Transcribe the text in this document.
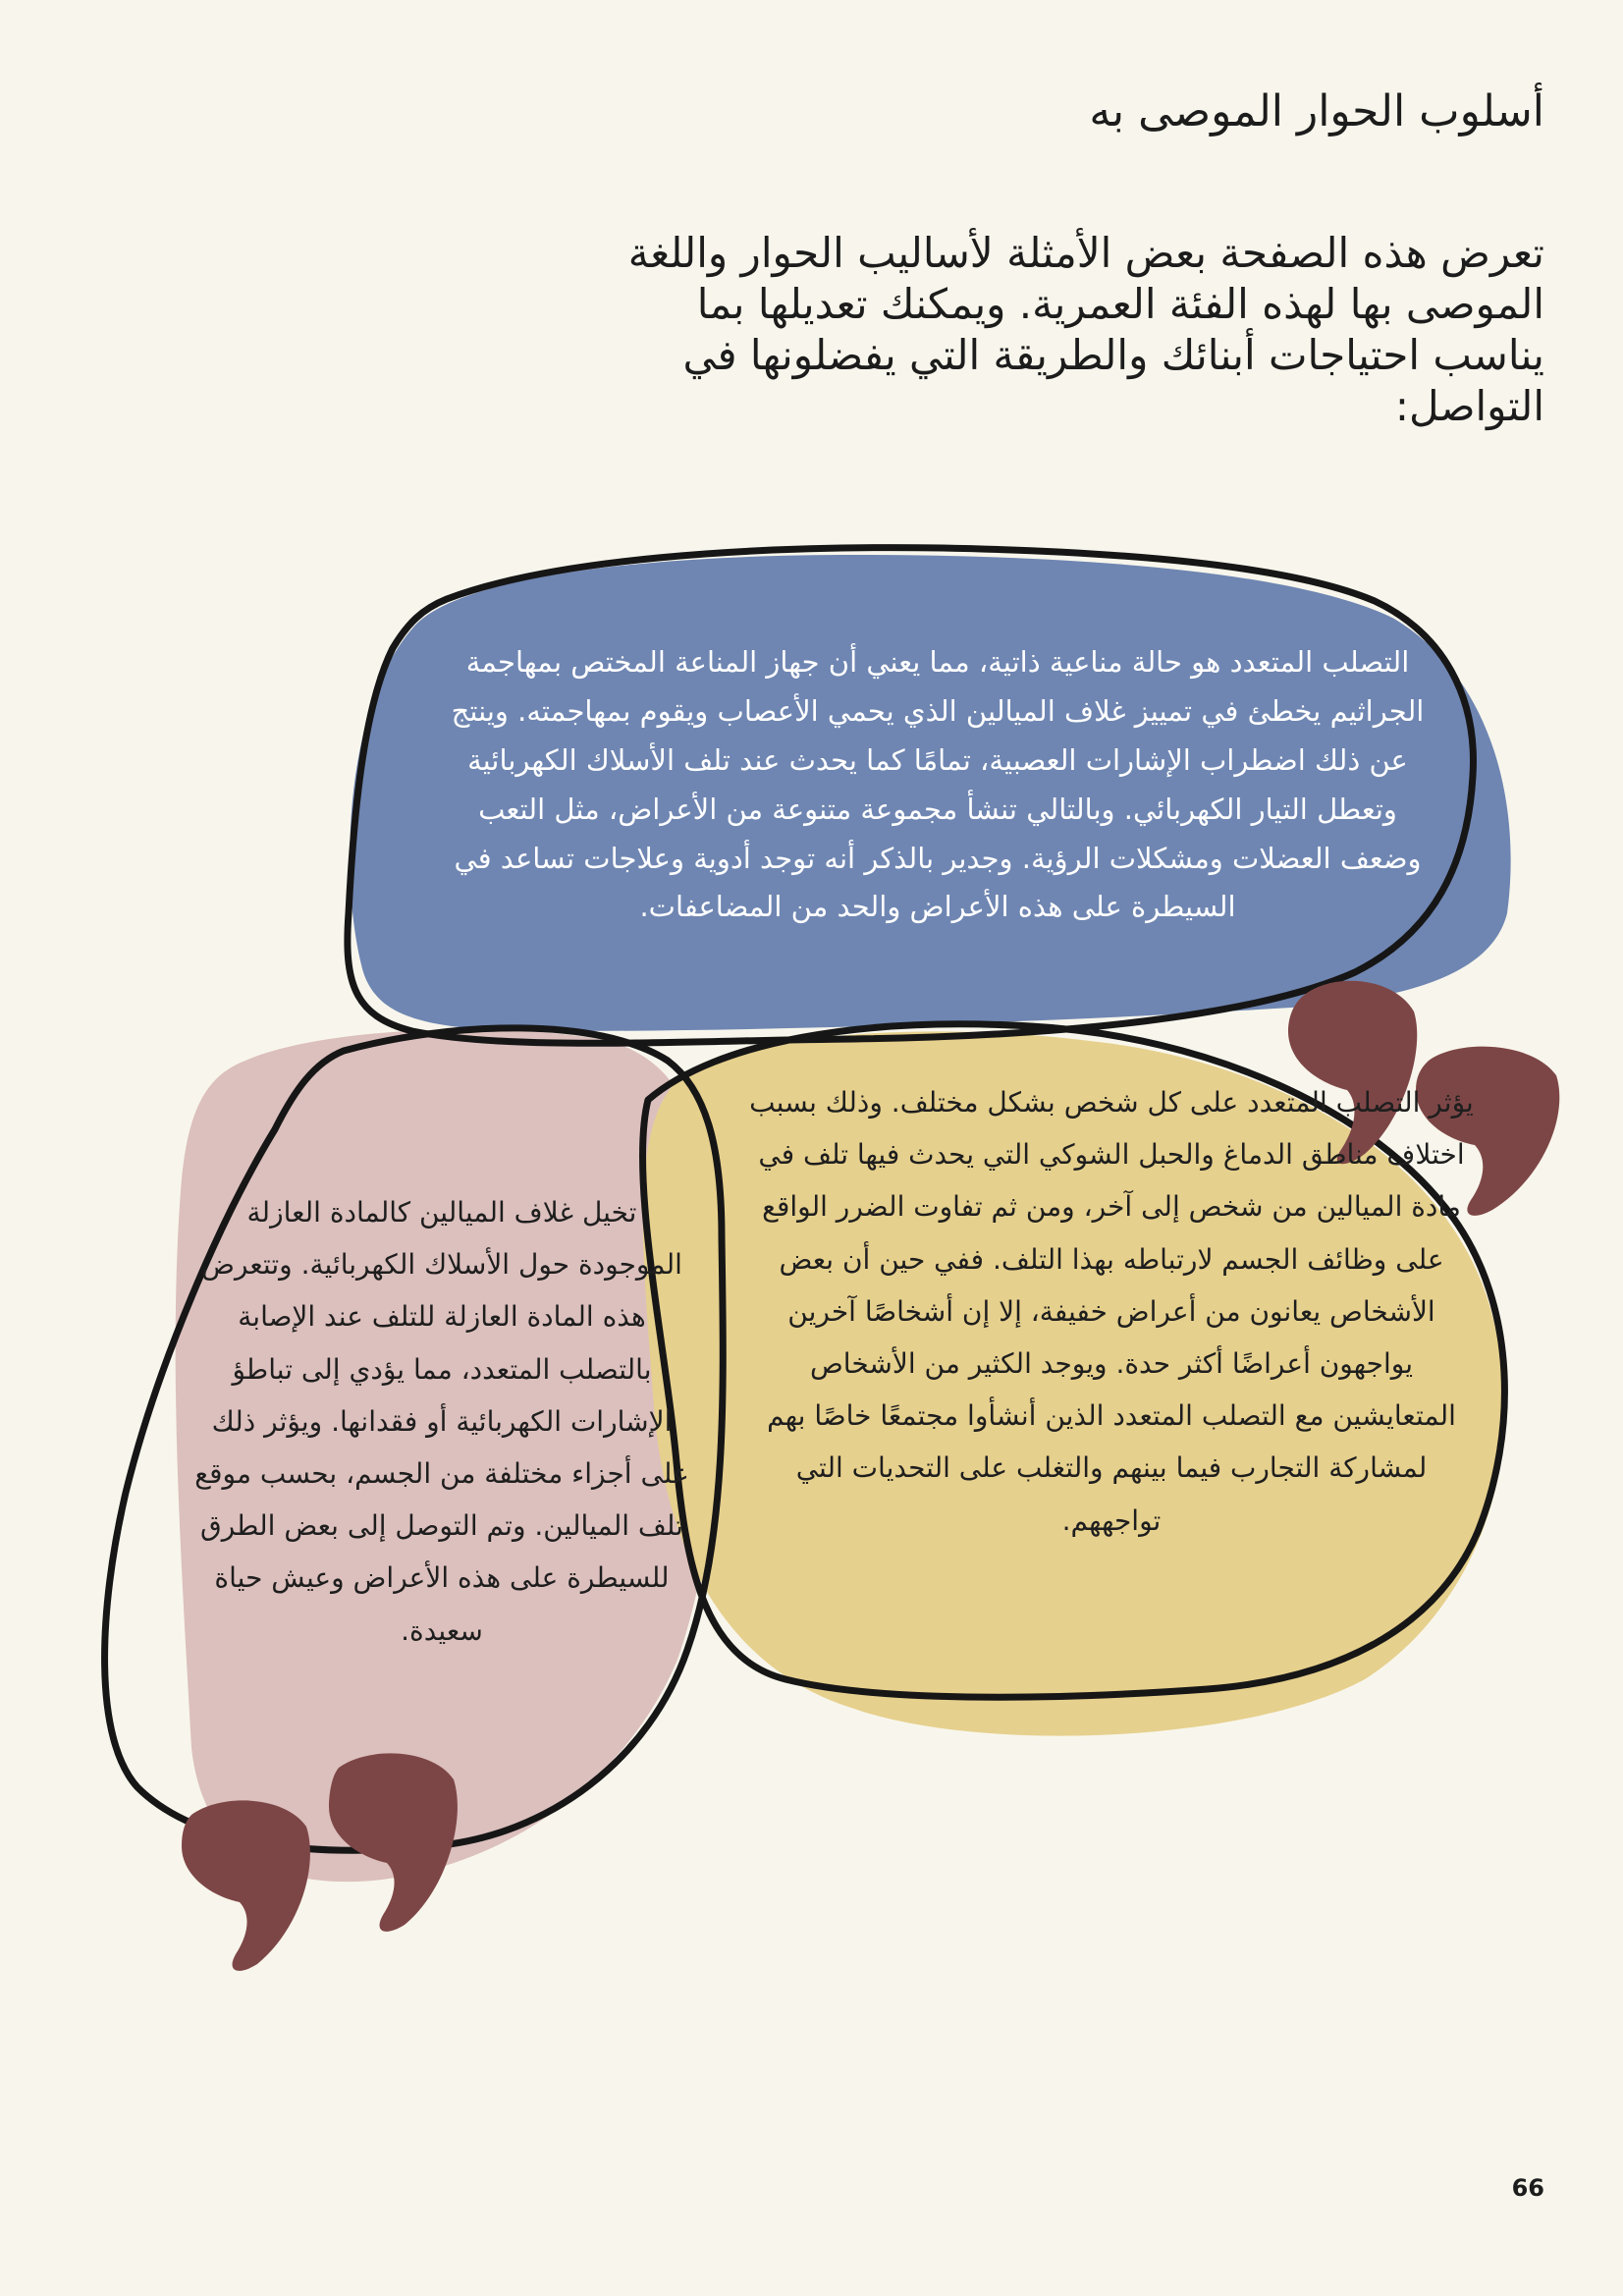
أسلوب الحوار الموصى به

تعرض هذه الصفحة بعض الأمثلة لأساليب الحوار واللغة الموصى بها لهذه الفئة العمرية. ويمكنك تعديلها بما يناسب احتياجات أبنائك والطريقة التي يفضلونها في التواصل:

التصلب المتعدد هو حالة مناعية ذاتية، مما يعني أن جهاز المناعة المختص بمهاجمة الجراثيم يخطئ في تمييز غلاف الميالين الذي يحمي الأعصاب ويقوم بمهاجمته. وينتج عن ذلك اضطراب الإشارات العصبية، تمامًا كما يحدث عند تلف الأسلاك الكهربائية وتعطل التيار الكهربائي. وبالتالي تنشأ مجموعة متنوعة من الأعراض، مثل التعب وضعف العضلات ومشكلات الرؤية. وجدير بالذكر أنه توجد أدوية وعلاجات تساعد في السيطرة على هذه الأعراض والحد من المضاعفات.

تخيل غلاف الميالين كالمادة العازلة الموجودة حول الأسلاك الكهربائية. وتتعرض هذه المادة العازلة للتلف عند الإصابة بالتصلب المتعدد، مما يؤدي إلى تباطؤ الإشارات الكهربائية أو فقدانها. ويؤثر ذلك على أجزاء مختلفة من الجسم، بحسب موقع تلف الميالين. وتم التوصل إلى بعض الطرق للسيطرة على هذه الأعراض وعيش حياة سعيدة.

يؤثر التصلب المتعدد على كل شخص بشكل مختلف. وذلك بسبب اختلاف مناطق الدماغ والحبل الشوكي التي يحدث فيها تلف في مادة الميالين من شخص إلى آخر، ومن ثم تفاوت الضرر الواقع على وظائف الجسم لارتباطه بهذا التلف. ففي حين أن بعض الأشخاص يعانون من أعراض خفيفة، إلا إن أشخاصًا آخرين يواجهون أعراضًا أكثر حدة. ويوجد الكثير من الأشخاص المتعايشين مع التصلب المتعدد الذين أنشأوا مجتمعًا خاصًا بهم لمشاركة التجارب فيما بينهم والتغلب على التحديات التي تواجههم.

66
